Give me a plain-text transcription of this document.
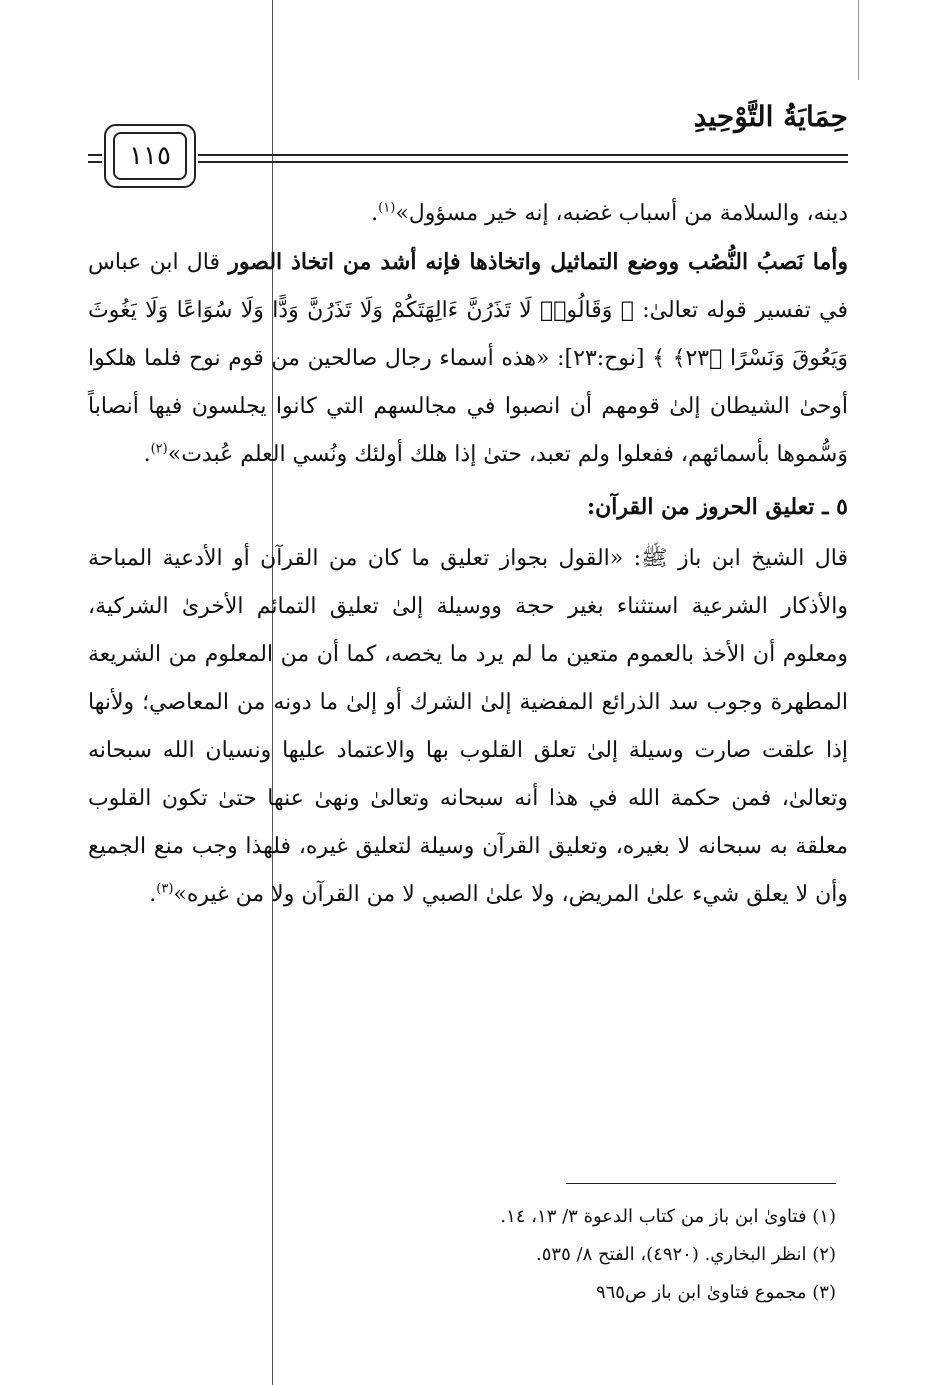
حِمَايَةُ التَّوْحِيدِ
١١٥

دينه، والسلامة من أسباب غضبه، إنه خير مسؤول»$^{(١)}$.

وأما نَصبُ النُّصُب ووضع التماثيل واتخاذها فإنه أشد من اتخاذ الصور قال ابن عباس في تفسير قوله تعالىٰ: ﴿ وَقَالُوا۟ لَا تَذَرُنَّ ءَالِهَتَكُمْ وَلَا تَذَرُنَّ وَدًّا وَلَا سُوَاعًا وَلَا يَغُوثَ وَيَعُوقَ وَنَسْرًا ﴿٢٣﴾ ﴾ [نوح:٢٣]: «هذه أسماء رجال صالحين من قوم نوح فلما هلكوا أوحىٰ الشيطان إلىٰ قومهم أن انصبوا في مجالسهم التي كانوا يجلسون فيها أنصاباً وَسُّموها بأسمائهم، ففعلوا ولم تعبد، حتىٰ إذا هلك أولئك ونُسي العلم عُبدت»$^{(٢)}$.

٥ ـ تعليق الحروز من القرآن:

قال الشيخ ابن باز ﷺ: «القول بجواز تعليق ما كان من القرآن أو الأدعية المباحة والأذكار الشرعية استثناء بغير حجة ووسيلة إلىٰ تعليق التمائم الأخرىٰ الشركية، ومعلوم أن الأخذ بالعموم متعين ما لم يرد ما يخصه، كما أن من المعلوم من الشريعة المطهرة وجوب سد الذرائع المفضية إلىٰ الشرك أو إلىٰ ما دونه من المعاصي؛ ولأنها إذا علقت صارت وسيلة إلىٰ تعلق القلوب بها والاعتماد عليها ونسيان الله سبحانه وتعالىٰ، فمن حكمة الله في هذا أنه سبحانه وتعالىٰ ونهىٰ عنها حتىٰ تكون القلوب معلقة به سبحانه لا بغيره، وتعليق القرآن وسيلة لتعليق غيره، فلهذا وجب منع الجميع وأن لا يعلق شيء علىٰ المريض، ولا علىٰ الصبي لا من القرآن ولا من غيره»$^{(٣)}$.

(١) فتاوىٰ ابن باز من كتاب الدعوة ٣/ ١٣، ١٤.
(٢) انظر البخاري. (٤٩٢٠)، الفتح ٨/ ٥٣٥.
(٣) مجموع فتاوىٰ ابن باز ص٩٦٥
